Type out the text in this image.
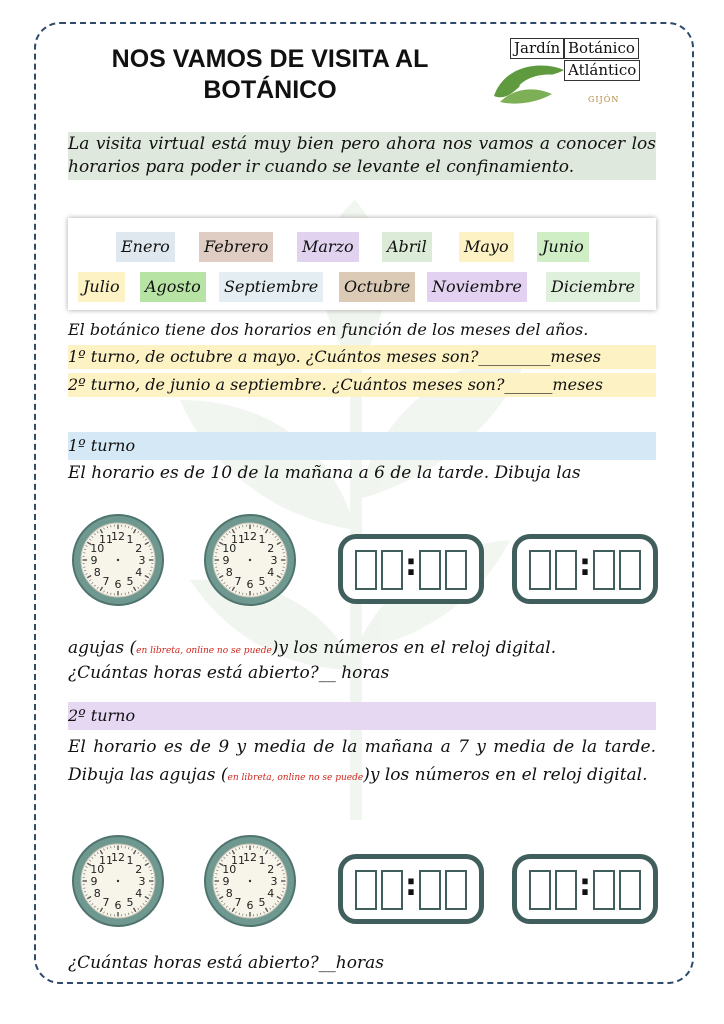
NOS VAMOS DE VISITA AL
BOTÁNICO
Jardín Botánico
Atlántico
GIJÓN
La visita virtual está muy bien pero ahora nos vamos a conocer los horarios para poder ir cuando se levante el confinamiento.
Enero	Febrero	Marzo	Abril	Mayo	Junio
Julio	Agosto	Septiembre	Octubre	Noviembre	Diciembre
El botánico tiene dos horarios en función de los meses del años.
1º turno, de octubre a mayo. ¿Cuántos meses son?_________meses
2º turno, de junio a septiembre. ¿Cuántos meses son?______meses
1º turno
El horario es de 10 de la mañana a 6 de la tarde. Dibuja las
12 1
2
3
4
5
6
7
8
9
10
11	12 1
2
3
4
5
6
7
8
9
10
11
:	:
agujas (en libreta, online no se puede)y los números en el reloj digital.
¿Cuántas horas está abierto?__ horas
2º turno
El horario es de 9 y media de la mañana a 7 y media de la tarde. Dibuja las agujas (en libreta, online no se puede)y los números en el reloj digital.
12 1
2
3
4
5
6
7
8
9
10
11	12 1
2
3
4
5
6
7
8
9
10
11
:	:
¿Cuántas horas está abierto?__horas
